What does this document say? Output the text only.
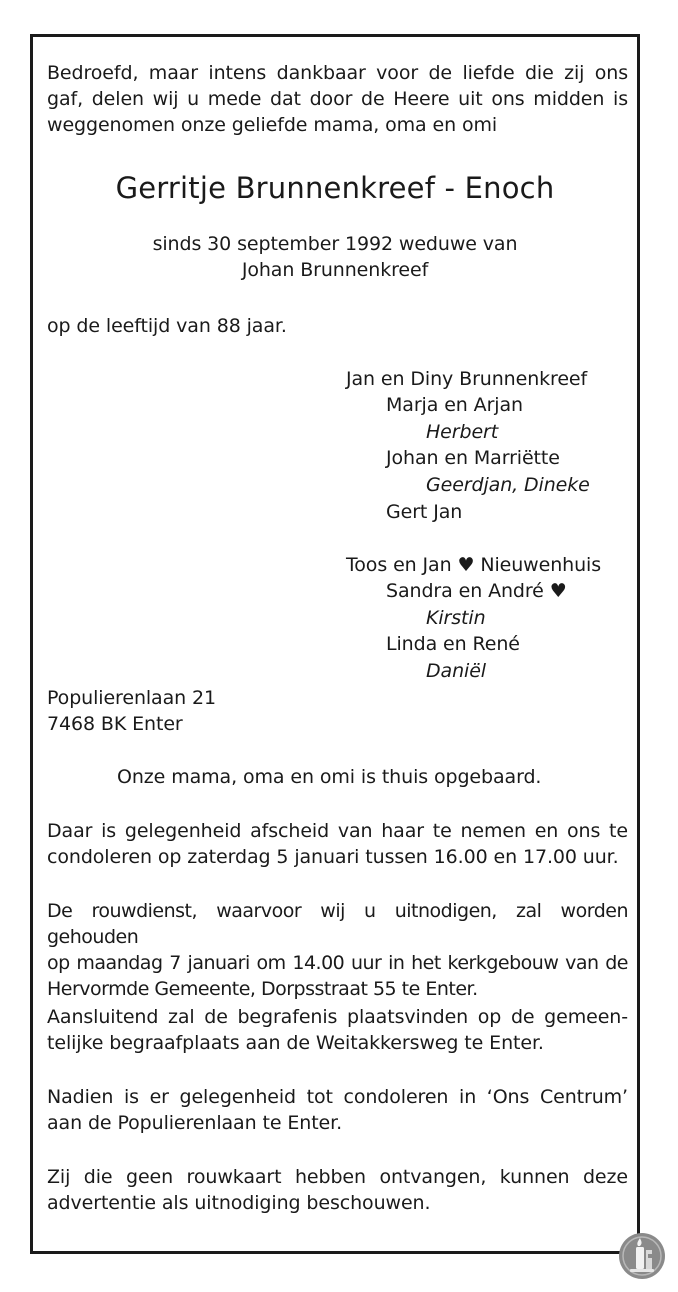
Bedroefd, maar intens dankbaar voor de liefde die zij ons
gaf, delen wij u mede dat door de Heere uit ons midden is
weggenomen onze geliefde mama, oma en omi
Gerritje Brunnenkreef - Enoch
sinds 30 september 1992 weduwe van
Johan Brunnenkreef
op de leeftijd van 88 jaar.
Jan en Diny Brunnenkreef
Marja en Arjan
Herbert
Johan en Marriëtte
Geerdjan, Dineke
Gert Jan
Toos en Jan ♥ Nieuwenhuis
Sandra en André ♥
Kirstin
Linda en René
Daniël
Populierenlaan 21
7468 BK Enter
Onze mama, oma en omi is thuis opgebaard.
Daar is gelegenheid afscheid van haar te nemen en ons te
condoleren op zaterdag 5 januari tussen 16.00 en 17.00 uur.
De rouwdienst, waarvoor wij u uitnodigen, zal worden gehouden
op maandag 7 januari om 14.00 uur in het kerkgebouw van de
Hervormde Gemeente, Dorpsstraat 55 te Enter.
Aansluitend zal de begrafenis plaatsvinden op de gemeen-
telijke begraafplaats aan de Weitakkersweg te Enter.
Nadien is er gelegenheid tot condoleren in ‘Ons Centrum’
aan de Populierenlaan te Enter.
Zij die geen rouwkaart hebben ontvangen, kunnen deze
advertentie als uitnodiging beschouwen.
